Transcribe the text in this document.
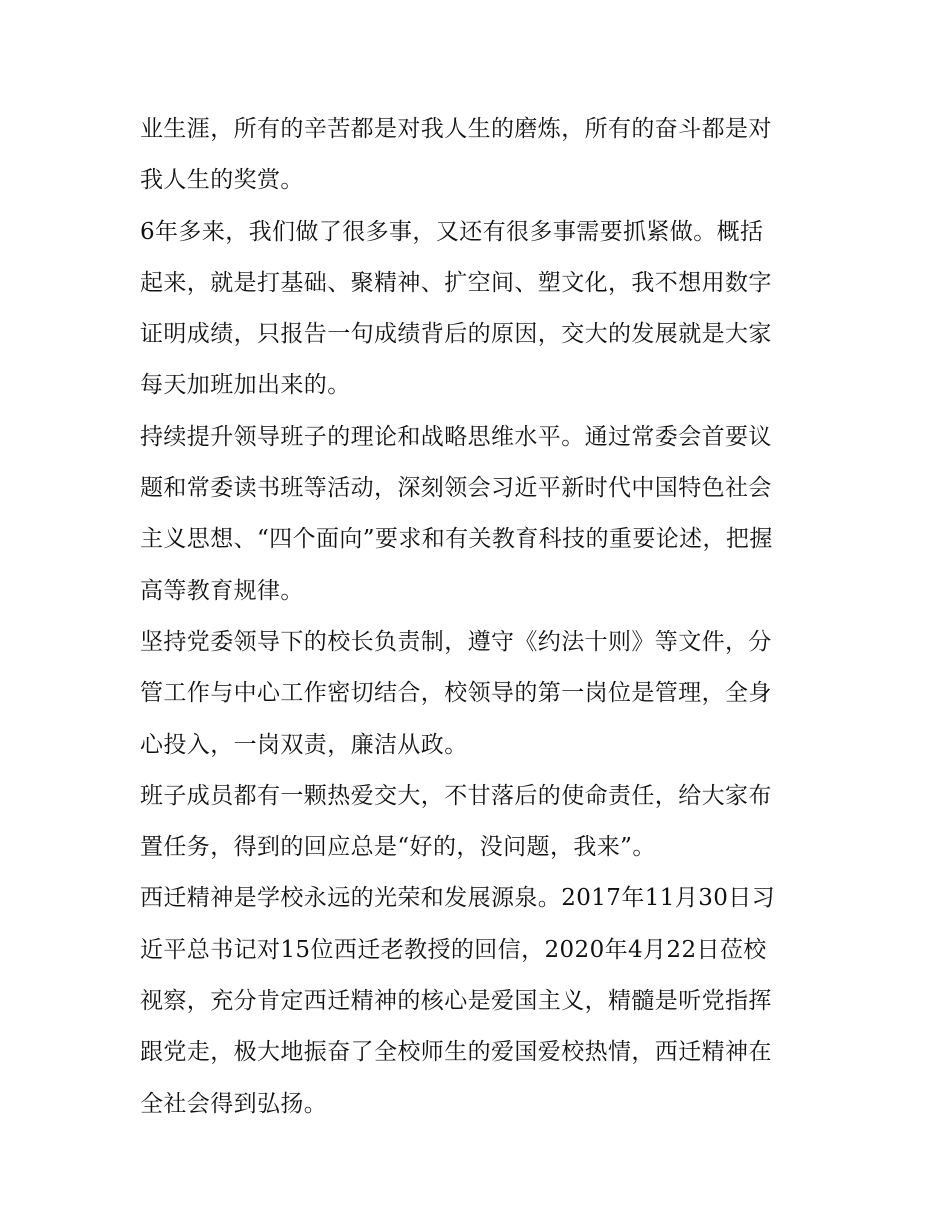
业生涯，所有的辛苦都是对我人生的磨炼，所有的奋斗都是对
我人生的奖赏。
6年多来，我们做了很多事，又还有很多事需要抓紧做。概括
起来，就是打基础、聚精神、扩空间、塑文化，我不想用数字
证明成绩，只报告一句成绩背后的原因，交大的发展就是大家
每天加班加出来的。
持续提升领导班子的理论和战略思维水平。通过常委会首要议
题和常委读书班等活动，深刻领会习近平新时代中国特色社会
主义思想、“四个面向”要求和有关教育科技的重要论述，把握
高等教育规律。
坚持党委领导下的校长负责制，遵守《约法十则》等文件，分
管工作与中心工作密切结合，校领导的第一岗位是管理，全身
心投入，一岗双责，廉洁从政。
班子成员都有一颗热爱交大，不甘落后的使命责任，给大家布
置任务，得到的回应总是“好的，没问题，我来”。
西迁精神是学校永远的光荣和发展源泉。2017年11月30日习
近平总书记对15位西迁老教授的回信，2020年4月22日莅校
视察，充分肯定西迁精神的核心是爱国主义，精髓是听党指挥
跟党走，极大地振奋了全校师生的爱国爱校热情，西迁精神在
全社会得到弘扬。
